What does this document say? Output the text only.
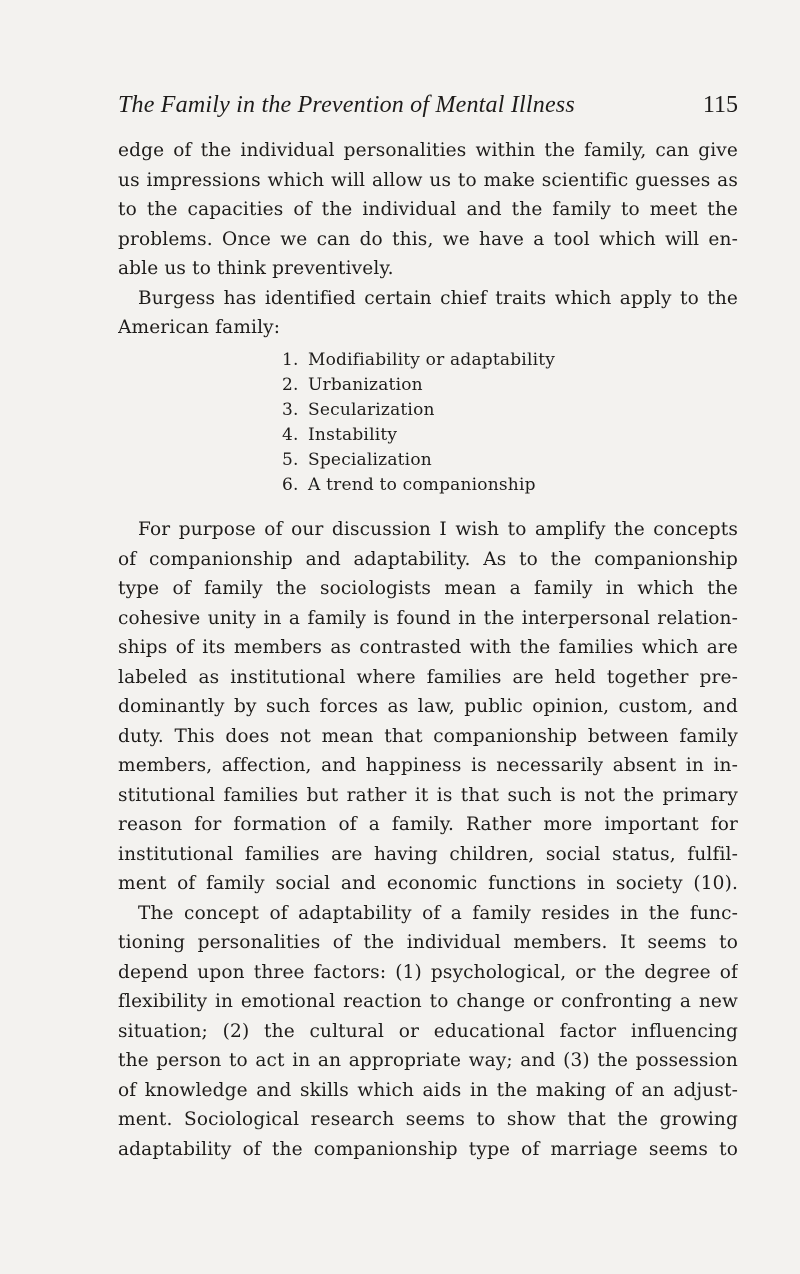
The Family in the Prevention of Mental Illness	115
edge of the individual personalities within the family, can give
us impressions which will allow us to make scientific guesses as
to the capacities of the individual and the family to meet the
problems. Once we can do this, we have a tool which will en-
able us to think preventively.
Burgess has identified certain chief traits which apply to the
American family:
1. Modifiability or adaptability
2. Urbanization
3. Secularization
4. Instability
5. Specialization
6. A trend to companionship
For purpose of our discussion I wish to amplify the concepts
of companionship and adaptability. As to the companionship
type of family the sociologists mean a family in which the
cohesive unity in a family is found in the interpersonal relation-
ships of its members as contrasted with the families which are
labeled as institutional where families are held together pre-
dominantly by such forces as law, public opinion, custom, and
duty. This does not mean that companionship between family
members, affection, and happiness is necessarily absent in in-
stitutional families but rather it is that such is not the primary
reason for formation of a family. Rather more important for
institutional families are having children, social status, fulfil-
ment of family social and economic functions in society (10).
The concept of adaptability of a family resides in the func-
tioning personalities of the individual members. It seems to
depend upon three factors: (1) psychological, or the degree of
flexibility in emotional reaction to change or confronting a new
situation; (2) the cultural or educational factor influencing
the person to act in an appropriate way; and (3) the possession
of knowledge and skills which aids in the making of an adjust-
ment. Sociological research seems to show that the growing
adaptability of the companionship type of marriage seems to
